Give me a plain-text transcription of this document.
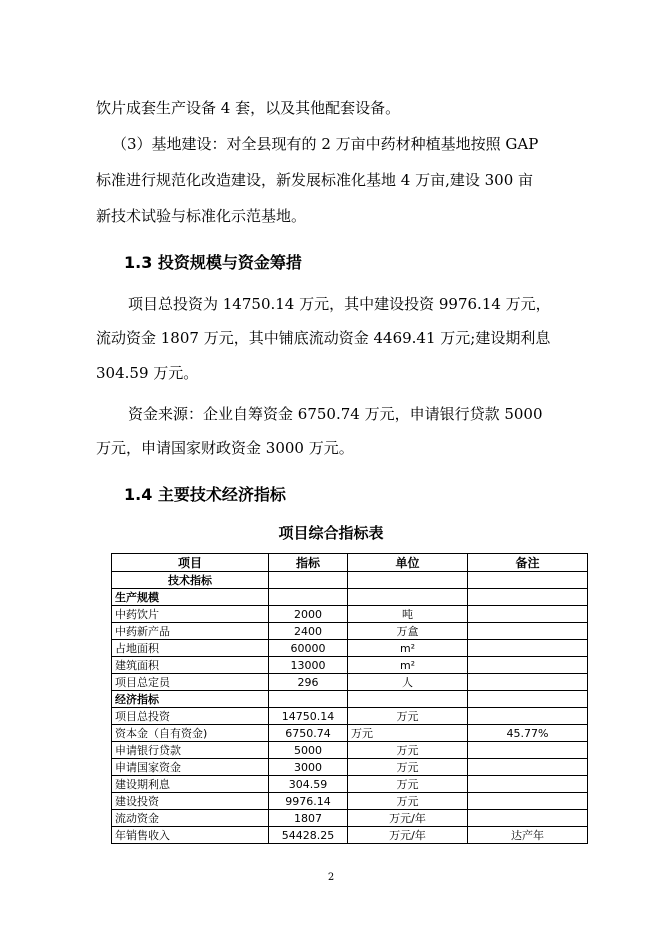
饮片成套生产设备 4 套，以及其他配套设备。
（3）基地建设：对全县现有的 2 万亩中药材种植基地按照 GAP
标准进行规范化改造建设，新发展标准化基地 4 万亩,建设 300 亩
新技术试验与标准化示范基地。
1.3 投资规模与资金筹措
项目总投资为 14750.14 万元，其中建设投资 9976.14 万元，
流动资金 1807 万元，其中铺底流动资金 4469.41 万元;建设期利息
304.59 万元。
资金来源：企业自筹资金 6750.74 万元，申请银行贷款 5000
万元，申请国家财政资金 3000 万元。
1.4 主要技术经济指标
项目综合指标表
项目	指标	单位	备注
技术指标			
生产规模			
中药饮片	2000	吨	
中药新产品	2400	万盒	
占地面积	60000	m²	
建筑面积	13000	m²	
项目总定员	296	人	
经济指标			
项目总投资	14750.14	万元	
资本金（自有资金)	6750.74	万元	45.77%
申请银行贷款	5000	万元	
申请国家资金	3000	万元	
建设期利息	304.59	万元	
建设投资	9976.14	万元	
流动资金	1807	万元/年	
年销售收入	54428.25	万元/年	达产年
2
